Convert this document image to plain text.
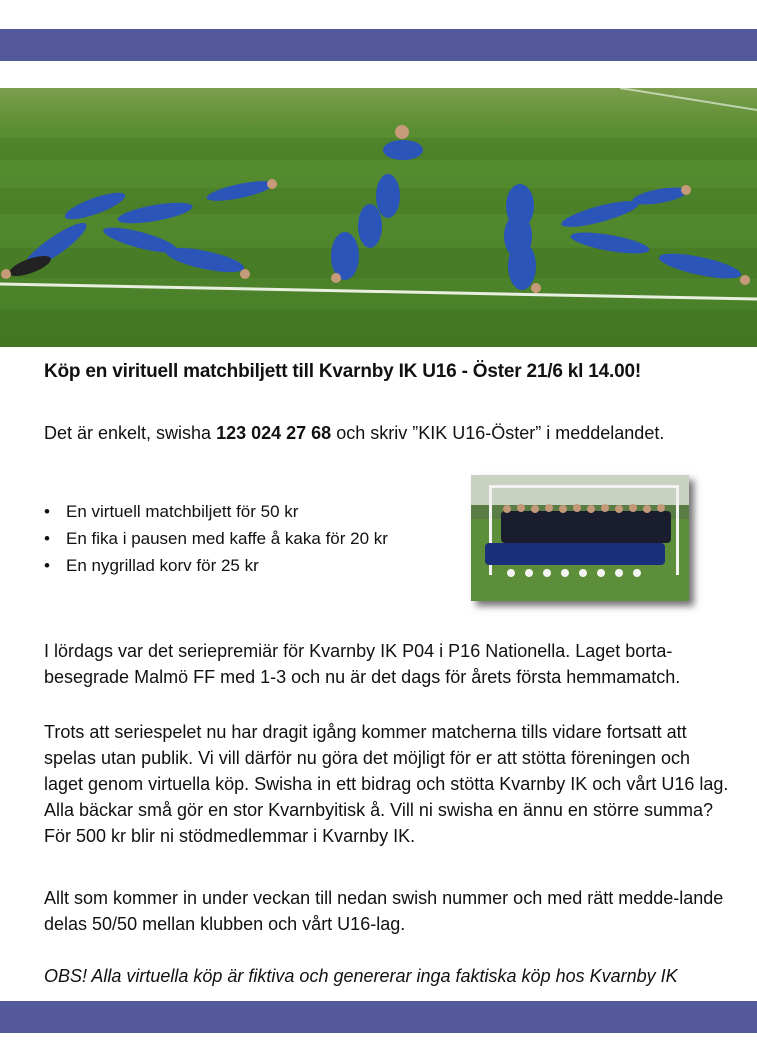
Köp en virituell matchbiljett till Kvarnby IK U16 - Öster 21/6 kl 14.00!
Det är enkelt, swisha 123 024 27 68 och skriv ”KIK U16-Öster” i meddelandet.
• En virtuell matchbiljett för 50 kr
• En fika i pausen med kaffe å kaka för 20 kr
• En nygrillad korv för 25 kr
I lördags var det seriepremiär för Kvarnby IK P04 i P16 Nationella. Laget borta-besegrade Malmö FF med 1-3 och nu är det dags för årets första hemmamatch.
Trots att seriespelet nu har dragit igång kommer matcherna tills vidare fortsatt att spelas utan publik. Vi vill därför nu göra det möjligt för er att stötta föreningen och laget genom virtuella köp. Swisha in ett bidrag och stötta Kvarnby IK och vårt U16 lag. Alla bäckar små gör en stor Kvarnbyitisk å. Vill ni swisha en ännu en större summa? För 500 kr blir ni stödmedlemmar i Kvarnby IK.
Allt som kommer in under veckan till nedan swish nummer och med rätt medde-lande delas 50/50 mellan klubben och vårt U16-lag.
OBS! Alla virtuella köp är fiktiva och genererar inga faktiska köp hos Kvarnby IK
